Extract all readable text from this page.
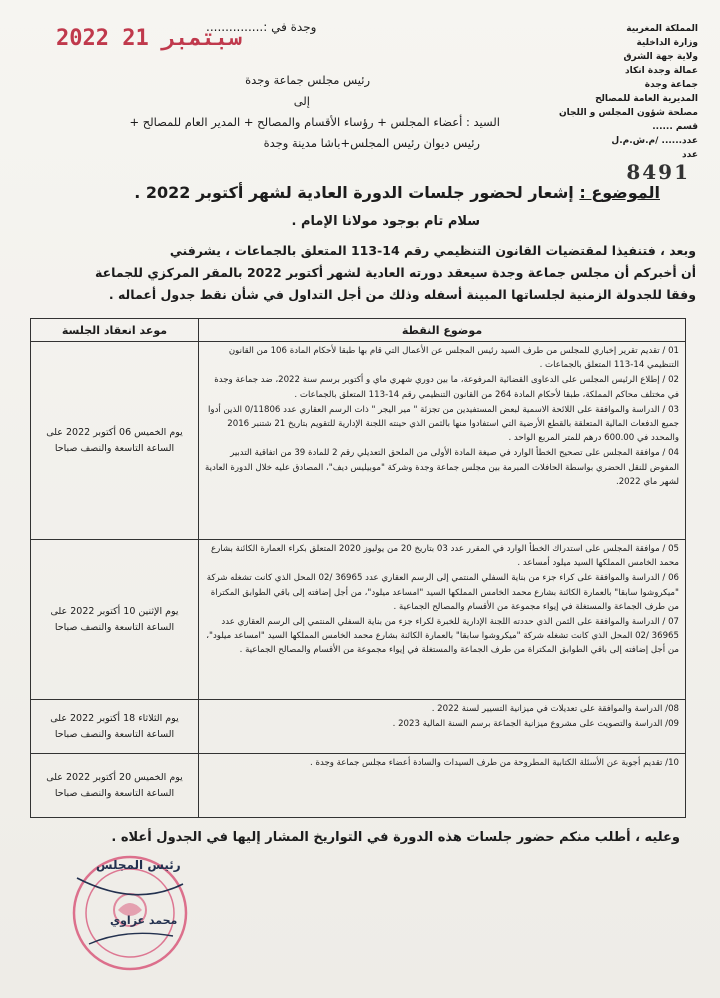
المملكة المغربية
وزارة الداخلية
ولاية جهة الشرق
عمالة وجدة انكاد
جماعة وجدة
المديرية العامة للمصالح
مصلحة شؤون المجلس و اللجان
قسم ......
عدد...... /م.ش.م.ل
عدد
8491
وجدة في :...............
2022 سبتمبر 21
رئيس مجلس جماعة وجدة
إلى
السيد : أعضاء المجلس + رؤساء الأقسام والمصالح + المدير العام للمصالح +
رئيس ديوان رئيس المجلس+باشا مدينة وجدة
الموضوع : إشعار لحضور جلسات الدورة العادية لشهر أكتوبر 2022 .
سلام تام بوجود مولانا الإمام .
وبعد ، فتنفيذا لمقتضيات القانون التنظيمي رقم 14-113 المتعلق بالجماعات ، يشرفني
أن أخبركم أن مجلس جماعة وجدة سيعقد دورته العادية لشهر أكتوبر 2022 بالمقر المركزي للجماعة
وفقا للجدولة الزمنية لجلساتها المبينة أسفله وذلك من أجل التداول في شأن نقط جدول أعماله .
موضوع النقطة	موعد انعقاد الجلسة

01 / تقديم تقرير إخباري للمجلس من طرف السيد رئيس المجلس عن الأعمال التي قام بها طبقا لأحكام المادة 106 من القانون التنظيمي 14-113 المتعلق بالجماعات .
02 / إطلاع الرئيس المجلس على الدعاوى القضائية المرفوعة، ما بين دوري شهري ماي و أكتوبر برسم سنة 2022، ضد جماعة وجدة في مختلف محاكم المملكة، طبقا لأحكام المادة 264 من القانون التنظيمي رقم 14-113 المتعلق بالجماعات .
03 / الدراسة والموافقة على اللائحة الاسمية لبعض المستفيدين من تجزئة " مير اليجر " ذات الرسم العقاري عدد 0/11806 الذين أدوا جميع الدفعات المالية المتعلقة بالقطع الأرضية التي استفادوا منها بالثمن الذي حينته اللجنة الإدارية للتقويم بتاريخ 21 شتنبر 2016 والمحدد في 600.00 درهم للمتر المربع الواحد .
04 / موافقة المجلس على تصحيح الخطأ الوارد في صيغة المادة الأولى من الملحق التعديلي رقم 2 للمادة 39 من اتفاقية التدبير المفوض للنقل الحضري بواسطة الحافلات المبرمة بين مجلس جماعة وجدة وشركة "موبيليس ديف"، المصادق عليه خلال الدورة العادية لشهر ماي 2022.	يوم الخميس 06 أكتوبر 2022 على الساعة التاسعة والنصف صباحا

05 / موافقة المجلس على استدراك الخطأ الوارد في المقرر عدد 03 بتاريخ 20 من يوليوز 2020 المتعلق بكراء العمارة الكائنة بشارع محمد الخامس المملكها السيد ميلود أمساعد .
06 / الدراسة والموافقة على كراء جزء من بناية السفلي المنتمي إلى الرسم العقاري عدد 36965 /02 المحل الذي كانت تشغله شركة "ميكروشوا سابقا" بالعمارة الكائنة بشارع محمد الخامس المملكها السيد "امساعد ميلود"، من أجل إضافته إلى باقي الطوابق المكتراة من طرف الجماعة والمستغلة في إيواء مجموعة من الأقسام والمصالح الجماعية .
07 / الدراسة والموافقة على الثمن الذي حددته اللجنة الإدارية للخبرة لكراء جزء من بناية السفلي المنتمي إلى الرسم العقاري عدد 36965 /02 المحل الذي كانت تشغله شركة "ميكروشوا سابقا" بالعمارة الكائنة بشارع محمد الخامس المملكها السيد "امساعد ميلود"، من أجل إضافته إلى باقي الطوابق المكتراة من طرف الجماعة والمستغلة في إيواء مجموعة من الأقسام والمصالح الجماعية .	يوم الإثنين 10 أكتوبر 2022 على الساعة التاسعة والنصف صباحا

08/ الدراسة والموافقة على تعديلات في ميزانية التسيير لسنة 2022 .
09/ الدراسة والتصويت على مشروع ميزانية الجماعة برسم السنة المالية 2023 .	يوم الثلاثاء 18 أكتوبر 2022 على الساعة التاسعة والنصف صباحا

10/ تقديم أجوبة عن الأسئلة الكتابية المطروحة من طرف السيدات والسادة أعضاء مجلس جماعة وجدة .	يوم الخميس 20 أكتوبر 2022 على الساعة التاسعة والنصف صباحا
وعليه ، أطلب منكم حضور جلسات هذه الدورة في التواريخ المشار إليها في الجدول أعلاه .
رئيس المجلس
محمد عزاوي
